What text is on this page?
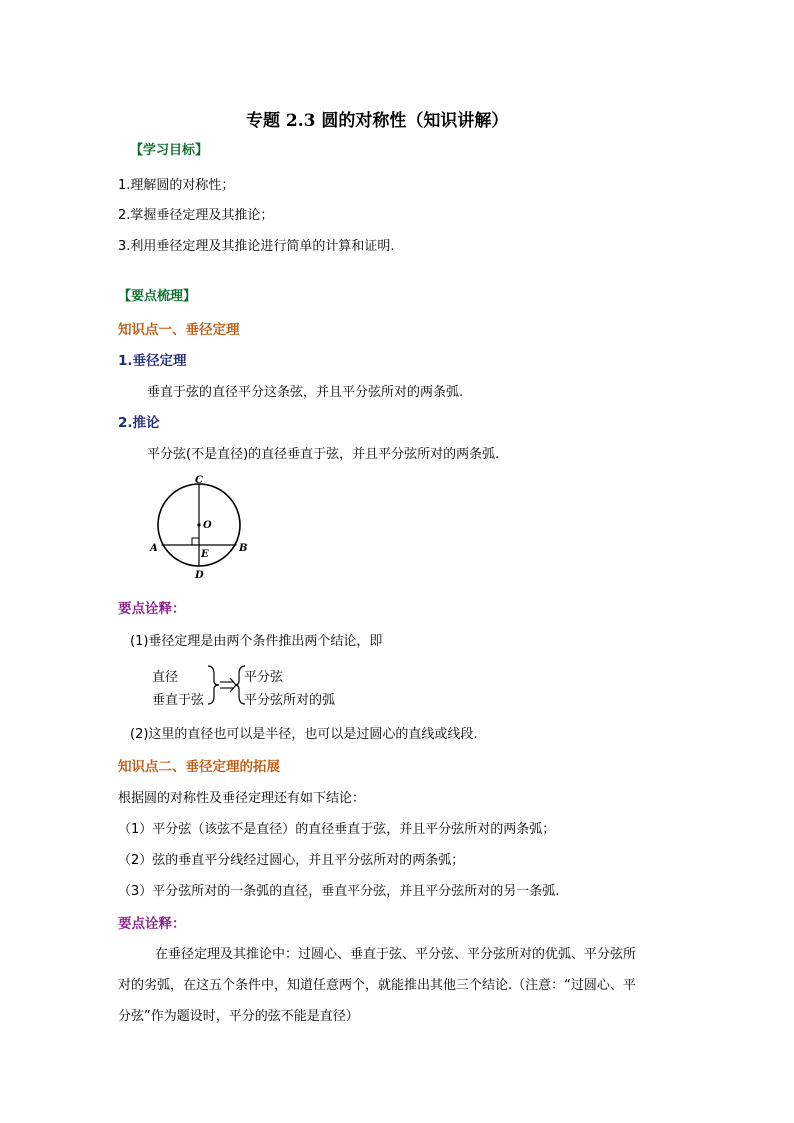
专题 2.3 圆的对称性（知识讲解）
【学习目标】
1.理解圆的对称性；
2.掌握垂径定理及其推论；
3.利用垂径定理及其推论进行简单的计算和证明.
【要点梳理】
知识点一、垂径定理
1.垂径定理
垂直于弦的直径平分这条弦，并且平分弦所对的两条弧.
2.推论
平分弦(不是直径)的直径垂直于弦，并且平分弦所对的两条弧.
C
O
A	B
E
D
要点诠释：
(1)垂径定理是由两个条件推出两个结论，即
直径
垂直于弦
平分弦
平分弦所对的弧
(2)这里的直径也可以是半径，也可以是过圆心的直线或线段.
知识点二、垂径定理的拓展
根据圆的对称性及垂径定理还有如下结论：
（1）平分弦（该弦不是直径）的直径垂直于弦，并且平分弦所对的两条弧；
（2）弦的垂直平分线经过圆心，并且平分弦所对的两条弧；
（3）平分弦所对的一条弧的直径，垂直平分弦，并且平分弦所对的另一条弧.
要点诠释：
在垂径定理及其推论中：过圆心、垂直于弦、平分弦、平分弦所对的优弧、平分弦所
对的劣弧，在这五个条件中，知道任意两个，就能推出其他三个结论.（注意：“过圆心、平
分弦”作为题设时，平分的弦不能是直径）
